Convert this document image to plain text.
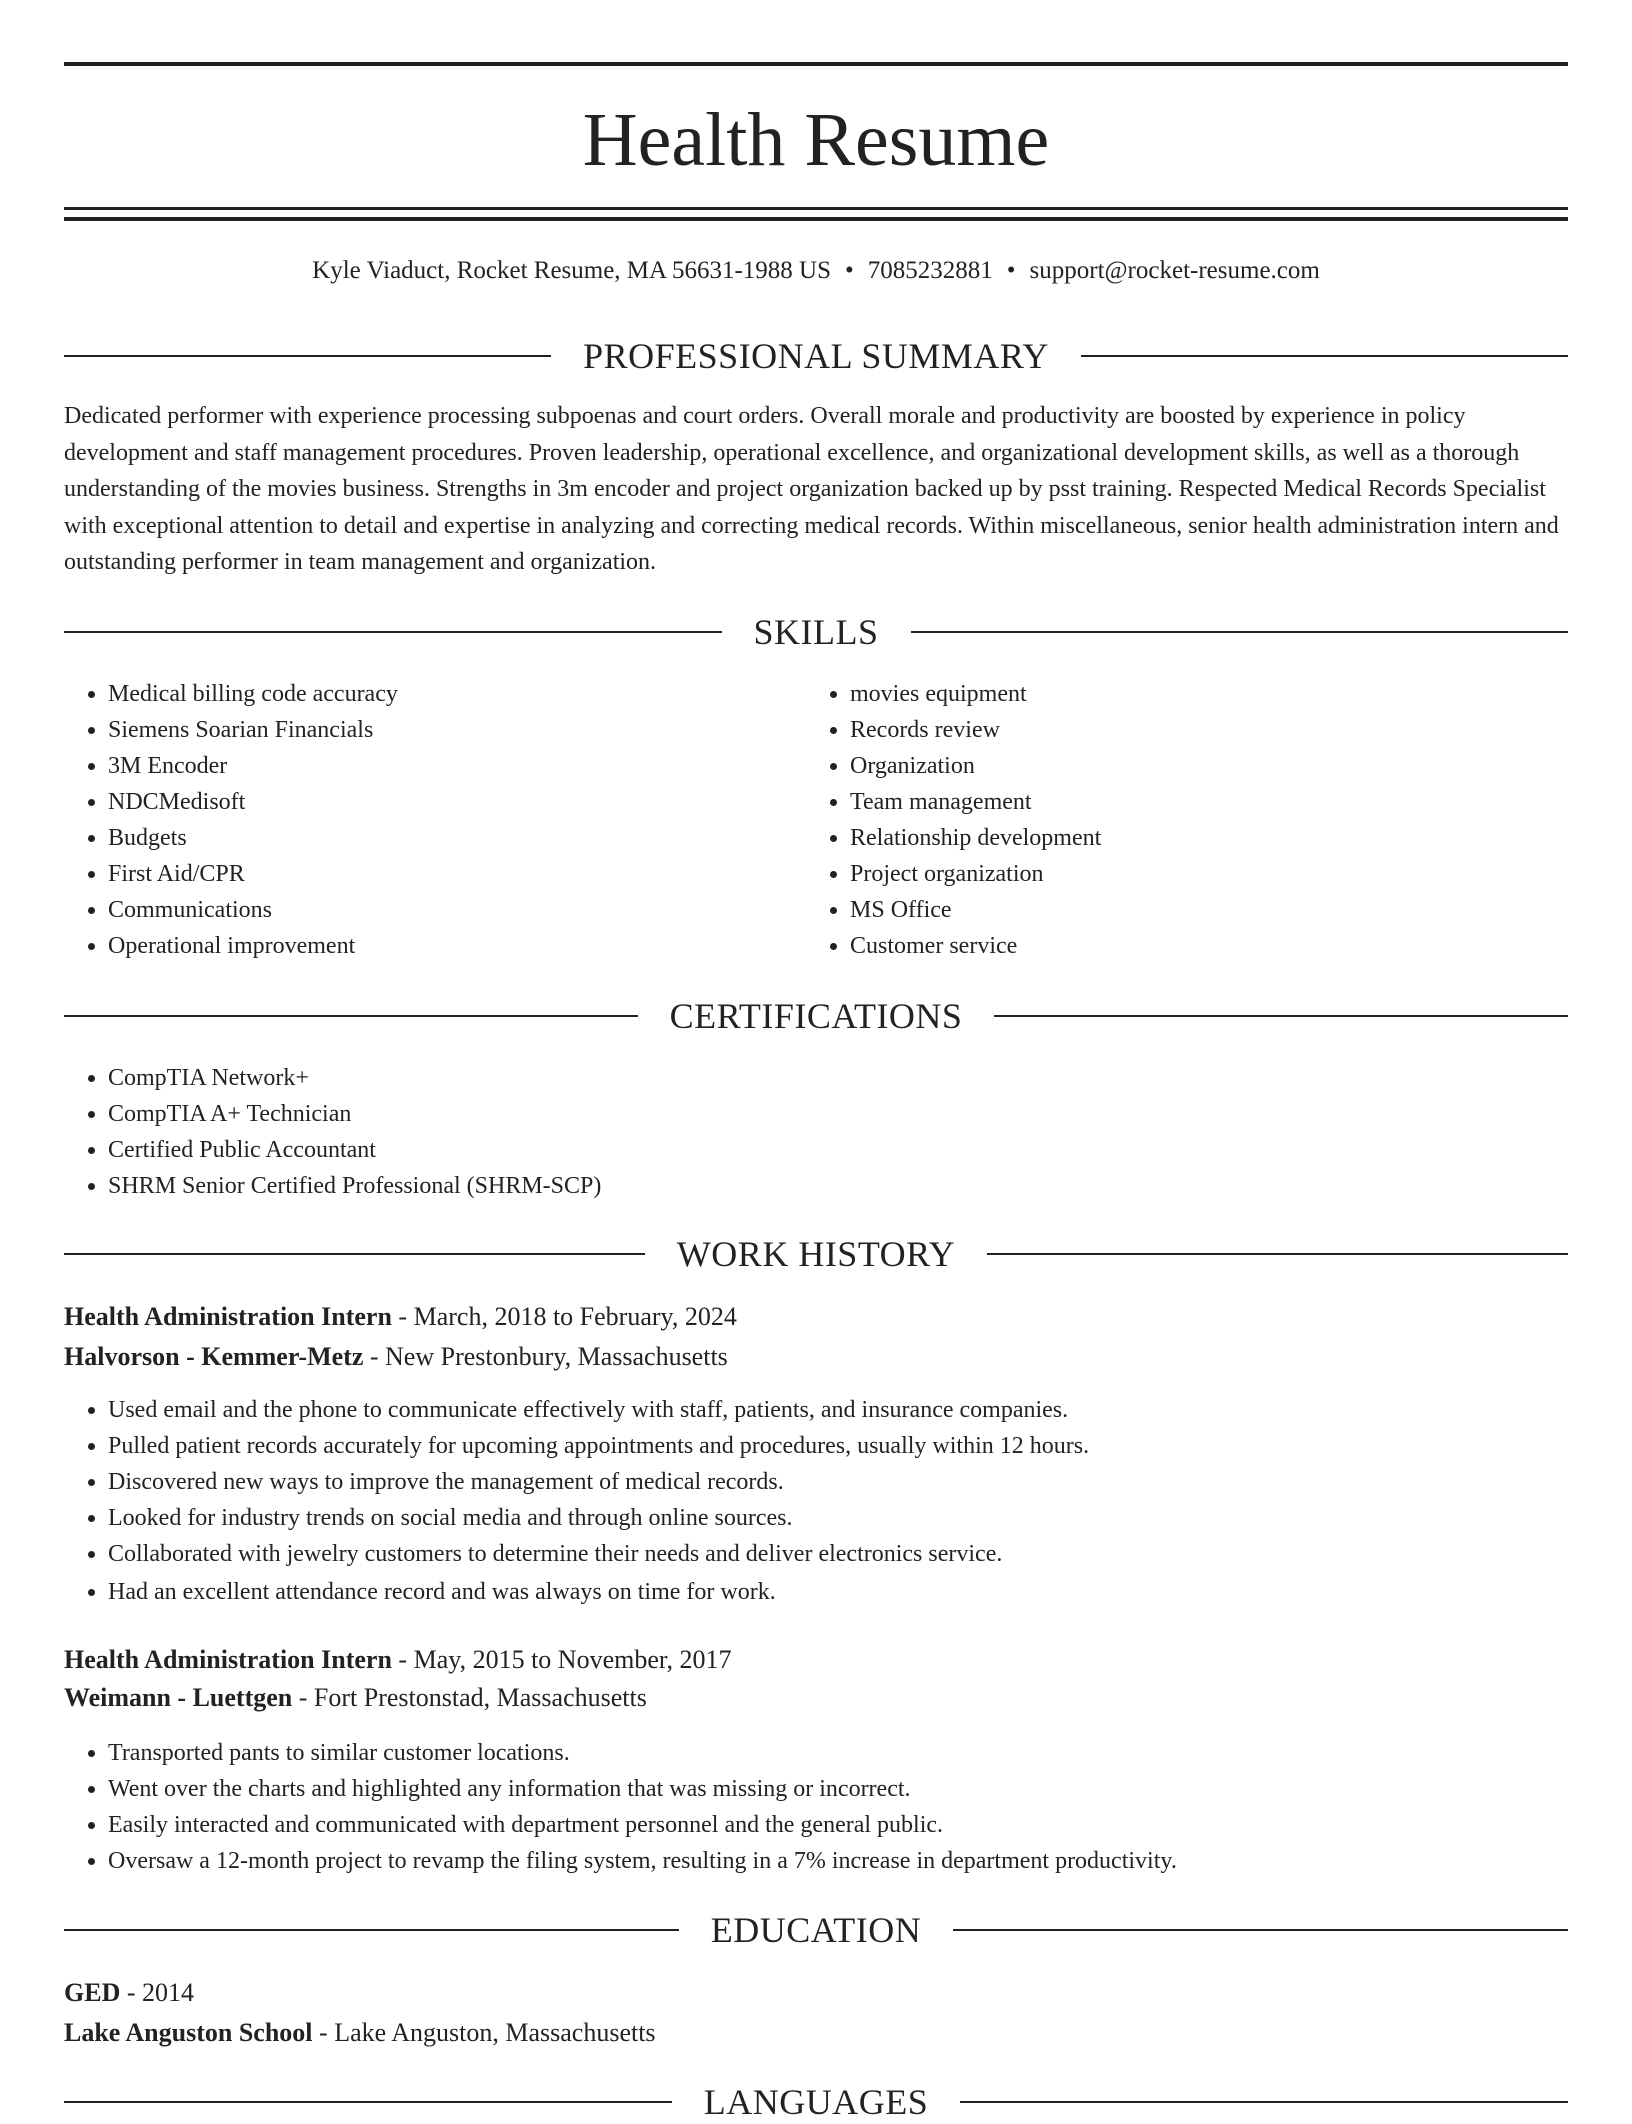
Health Resume
Kyle Viaduct, Rocket Resume, MA 56631-1988 US • 7085232881 • support@rocket-resume.com
PROFESSIONAL SUMMARY

Dedicated performer with experience processing subpoenas and court orders. Overall morale and productivity are boosted by experience in policy development and staff management procedures. Proven leadership, operational excellence, and organizational development skills, as well as a thorough understanding of the movies business. Strengths in 3m encoder and project organization backed up by psst training. Respected Medical Records Specialist with exceptional attention to detail and expertise in analyzing and correcting medical records. Within miscellaneous, senior health administration intern and outstanding performer in team management and organization.

SKILLS
• Medical billing code accuracy
• Siemens Soarian Financials
• 3M Encoder
• NDCMedisoft
• Budgets
• First Aid/CPR
• Communications
• Operational improvement
• movies equipment
• Records review
• Organization
• Team management
• Relationship development
• Project organization
• MS Office
• Customer service
CERTIFICATIONS
• CompTIA Network+
• CompTIA A+ Technician
• Certified Public Accountant
• SHRM Senior Certified Professional (SHRM-SCP)
WORK HISTORY
Health Administration Intern - March, 2018 to February, 2024
Halvorson - Kemmer-Metz - New Prestonbury, Massachusetts
• Used email and the phone to communicate effectively with staff, patients, and insurance companies.
• Pulled patient records accurately for upcoming appointments and procedures, usually within 12 hours.
• Discovered new ways to improve the management of medical records.
• Looked for industry trends on social media and through online sources.
• Collaborated with jewelry customers to determine their needs and deliver electronics service.
• Had an excellent attendance record and was always on time for work.
Health Administration Intern - May, 2015 to November, 2017
Weimann - Luettgen - Fort Prestonstad, Massachusetts
• Transported pants to similar customer locations.
• Went over the charts and highlighted any information that was missing or incorrect.
• Easily interacted and communicated with department personnel and the general public.
• Oversaw a 12-month project to revamp the filing system, resulting in a 7% increase in department productivity.
EDUCATION
GED - 2014
Lake Anguston School - Lake Anguston, Massachusetts
LANGUAGES
